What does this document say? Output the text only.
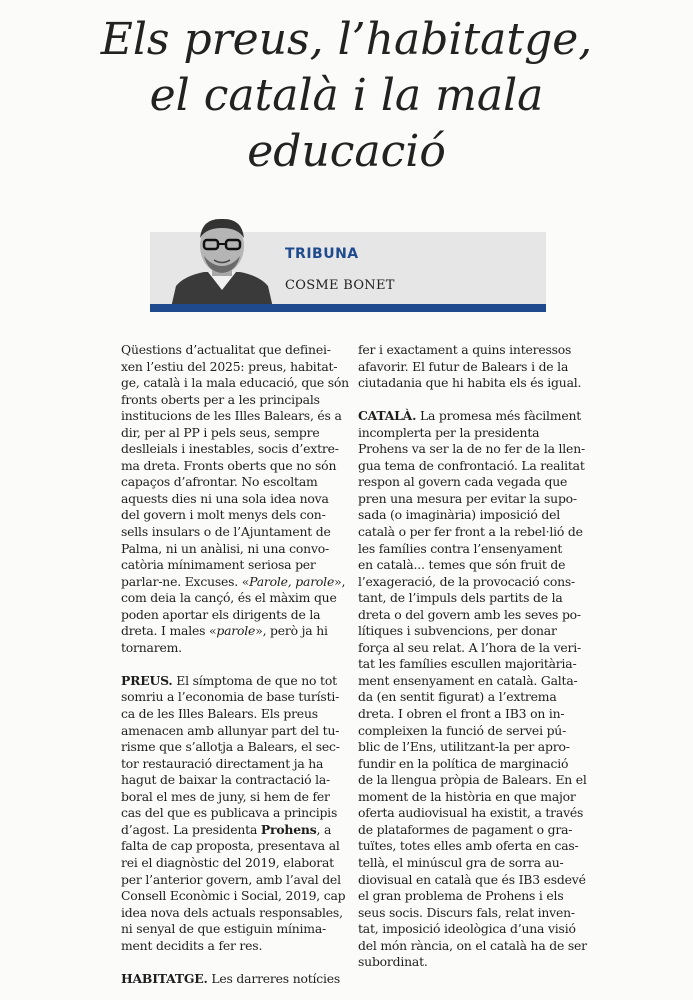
Els preus, l’habitatge,
el català i la mala
educació
TRIBUNA
COSME BONET
Qüestions d’actualitat que definei-
xen l’estiu del 2025: preus, habitat-
ge, català i la mala educació, que són
fronts oberts per a les principals
institucions de les Illes Balears, és a
dir, per al PP i pels seus, sempre
deslleials i inestables, socis d’extre-
ma dreta. Fronts oberts que no són
capaços d’afrontar. No escoltam
aquests dies ni una sola idea nova
del govern i molt menys dels con-
sells insulars o de l’Ajuntament de
Palma, ni un anàlisi, ni una convo-
catòria mínimament seriosa per
parlar-ne. Excuses. «Parole, parole»,
com deia la cançó, és el màxim que
poden aportar els dirigents de la
dreta. I males «parole», però ja hi
tornarem.
PREUS. El símptoma de que no tot
somriu a l’economia de base turísti-
ca de les Illes Balears. Els preus
amenacen amb allunyar part del tu-
risme que s’allotja a Balears, el sec-
tor restauració directament ja ha
hagut de baixar la contractació la-
boral el mes de juny, si hem de fer
cas del que es publicava a principis
d’agost. La presidenta Prohens, a
falta de cap proposta, presentava al
rei el diagnòstic del 2019, elaborat
per l’anterior govern, amb l’aval del
Consell Econòmic i Social, 2019, cap
idea nova dels actuals responsables,
ni senyal de que estiguin mínima-
ment decidits a fer res.
HABITATGE. Les darreres notícies
fer i exactament a quins interessos
afavorir. El futur de Balears i de la
ciutadania que hi habita els és igual.
CATALÀ. La promesa més fàcilment
incomplerta per la presidenta
Prohens va ser la de no fer de la llen-
gua tema de confrontació. La realitat
respon al govern cada vegada que
pren una mesura per evitar la supo-
sada (o imaginària) imposició del
català o per fer front a la rebel·lió de
les famílies contra l’ensenyament
en català... temes que són fruit de
l’exageració, de la provocació cons-
tant, de l’impuls dels partits de la
dreta o del govern amb les seves po-
lítiques i subvencions, per donar
força al seu relat. A l’hora de la veri-
tat les famílies escullen majoritària-
ment ensenyament en català. Galta-
da (en sentit figurat) a l’extrema
dreta. I obren el front a IB3 on in-
compleixen la funció de servei pú-
blic de l’Ens, utilitzant-la per apro-
fundir en la política de marginació
de la llengua pròpia de Balears. En el
moment de la història en que major
oferta audiovisual ha existit, a través
de plataformes de pagament o gra-
tuïtes, totes elles amb oferta en cas-
tellà, el minúscul gra de sorra au-
diovisual en català que és IB3 esdevé
el gran problema de Prohens i els
seus socis. Discurs fals, relat inven-
tat, imposició ideològica d’una visió
del món rància, on el català ha de ser
subordinat.
